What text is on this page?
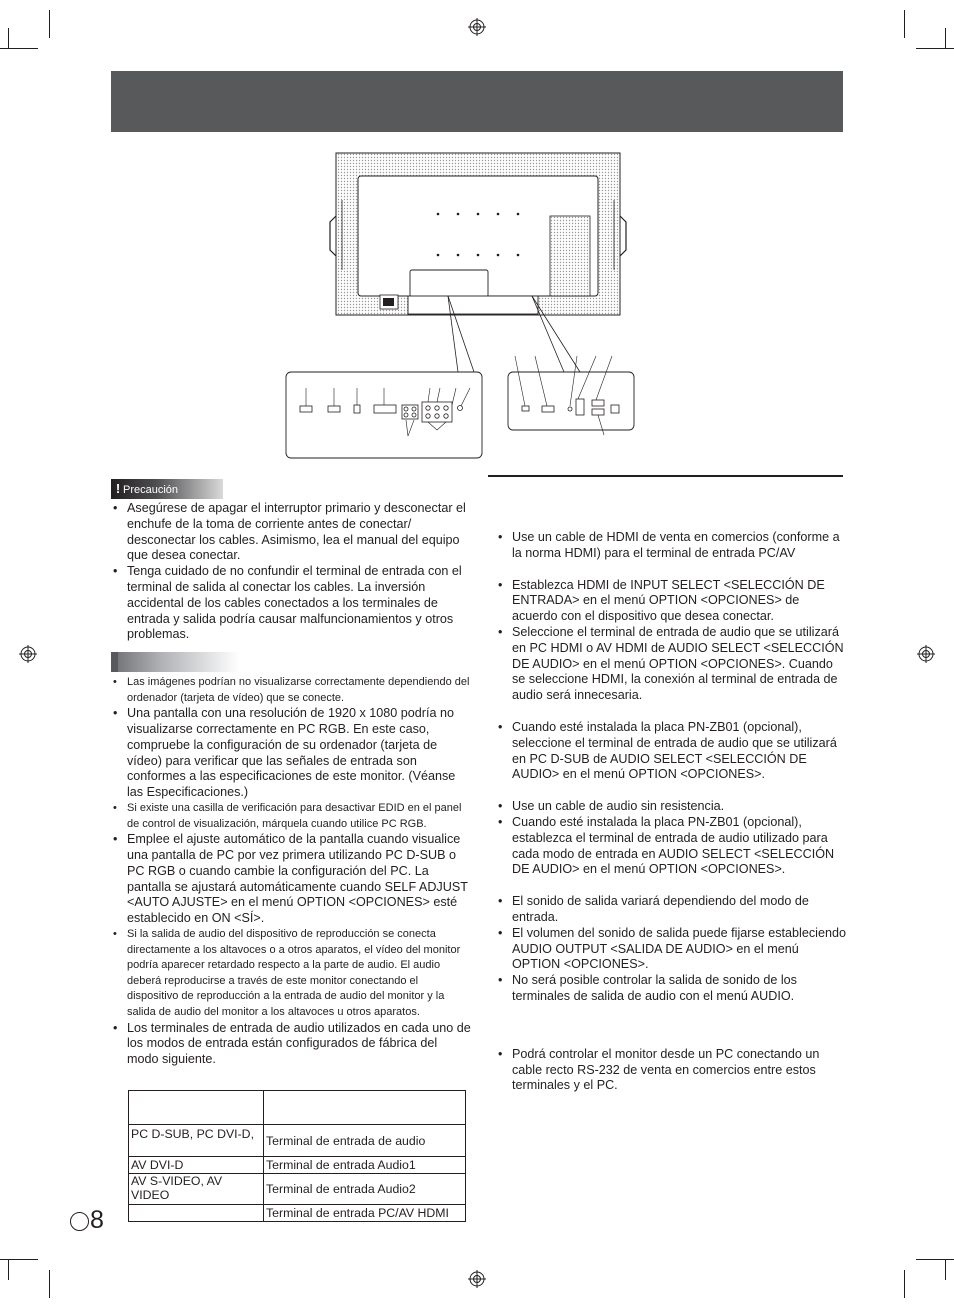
! Precaución
• Asegúrese de apagar el interruptor primario y desconectar el enchufe de la toma de corriente antes de conectar/ desconectar los cables. Asimismo, lea el manual del equipo que desea conectar.
• Tenga cuidado de no confundir el terminal de entrada con el terminal de salida al conectar los cables. La inversión accidental de los cables conectados a los terminales de entrada y salida podría causar malfuncionamientos y otros problemas.
• Las imágenes podrían no visualizarse correctamente dependiendo del ordenador (tarjeta de vídeo) que se conecte.
• Una pantalla con una resolución de 1920 x 1080 podría no visualizarse correctamente en PC RGB. En este caso, compruebe la configuración de su ordenador (tarjeta de vídeo) para verificar que las señales de entrada son conformes a las especificaciones de este monitor. (Véanse las Especificaciones.)
• Si existe una casilla de verificación para desactivar EDID en el panel de control de visualización, márquela cuando utilice PC RGB.
• Emplee el ajuste automático de la pantalla cuando visualice una pantalla de PC por vez primera utilizando PC D-SUB o PC RGB o cuando cambie la configuración del PC. La pantalla se ajustará automáticamente cuando SELF ADJUST <AUTO AJUSTE> en el menú OPTION <OPCIONES> esté establecido en ON <SÍ>.
• Si la salida de audio del dispositivo de reproducción se conecta directamente a los altavoces o a otros aparatos, el vídeo del monitor podría aparecer retardado respecto a la parte de audio. El audio deberá reproducirse a través de este monitor conectando el dispositivo de reproducción a la entrada de audio del monitor y la salida de audio del monitor a los altavoces u otros aparatos.
• Los terminales de entrada de audio utilizados en cada uno de los modos de entrada están configurados de fábrica del modo siguiente.

PC D-SUB, PC DVI-D,	Terminal de entrada de audio
AV DVI-D	Terminal de entrada Audio1
AV S-VIDEO, AV VIDEO	Terminal de entrada Audio2
	Terminal de entrada PC/AV HDMI
• Use un cable de HDMI de venta en comercios (conforme a la norma HDMI) para el terminal de entrada PC/AV
• Establezca HDMI de INPUT SELECT <SELECCIÓN DE ENTRADA> en el menú OPTION <OPCIONES> de acuerdo con el dispositivo que desea conectar.
• Seleccione el terminal de entrada de audio que se utilizará en PC HDMI o AV HDMI de AUDIO SELECT <SELECCIÓN DE AUDIO> en el menú OPTION <OPCIONES>. Cuando se seleccione HDMI, la conexión al terminal de entrada de audio será innecesaria.
• Cuando esté instalada la placa PN-ZB01 (opcional), seleccione el terminal de entrada de audio que se utilizará en PC D-SUB de AUDIO SELECT <SELECCIÓN DE AUDIO> en el menú OPTION <OPCIONES>.
• Use un cable de audio sin resistencia.
• Cuando esté instalada la placa PN-ZB01 (opcional), establezca el terminal de entrada de audio utilizado para cada modo de entrada en AUDIO SELECT <SELECCIÓN DE AUDIO> en el menú OPTION <OPCIONES>.
• El sonido de salida variará dependiendo del modo de entrada.
• El volumen del sonido de salida puede fijarse estableciendo AUDIO OUTPUT <SALIDA DE AUDIO> en el menú OPTION <OPCIONES>.
• No será posible controlar la salida de sonido de los terminales de salida de audio con el menú AUDIO.
• Podrá controlar el monitor desde un PC conectando un cable recto RS-232 de venta en comercios entre estos terminales y el PC.
8
